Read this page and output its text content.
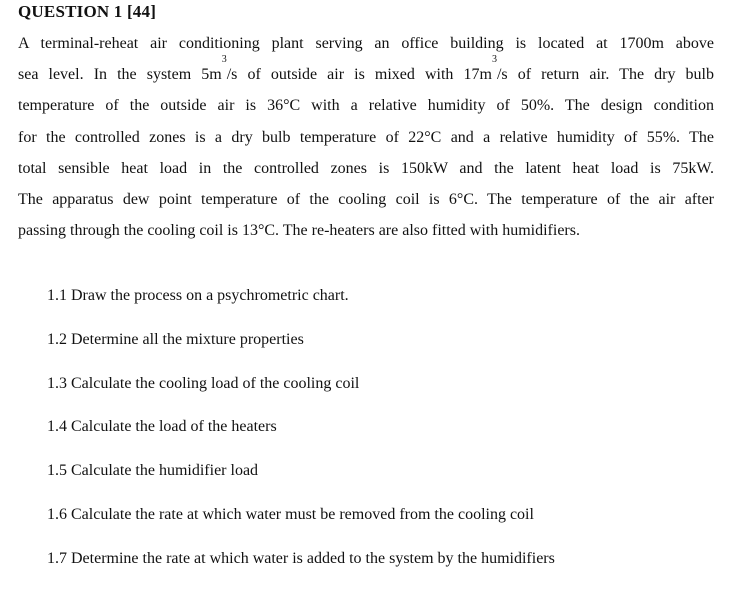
QUESTION 1 [44]
A terminal-reheat air conditioning plant serving an office building is located at 1700m above
sea level. In the system $5m^3/s$ of outside air is mixed with $17m^3/s$ of return air. The dry bulb
temperature of the outside air is 36°C with a relative humidity of 50%. The design condition
for the controlled zones is a dry bulb temperature of 22°C and a relative humidity of 55%. The
total sensible heat load in the controlled zones is 150kW and the latent heat load is 75kW.
The apparatus dew point temperature of the cooling coil is 6°C. The temperature of the air after
passing through the cooling coil is 13°C. The re-heaters are also fitted with humidifiers.
1.1 Draw the process on a psychrometric chart.
1.2 Determine all the mixture properties
1.3 Calculate the cooling load of the cooling coil
1.4 Calculate the load of the heaters
1.5 Calculate the humidifier load
1.6 Calculate the rate at which water must be removed from the cooling coil
1.7 Determine the rate at which water is added to the system by the humidifiers
